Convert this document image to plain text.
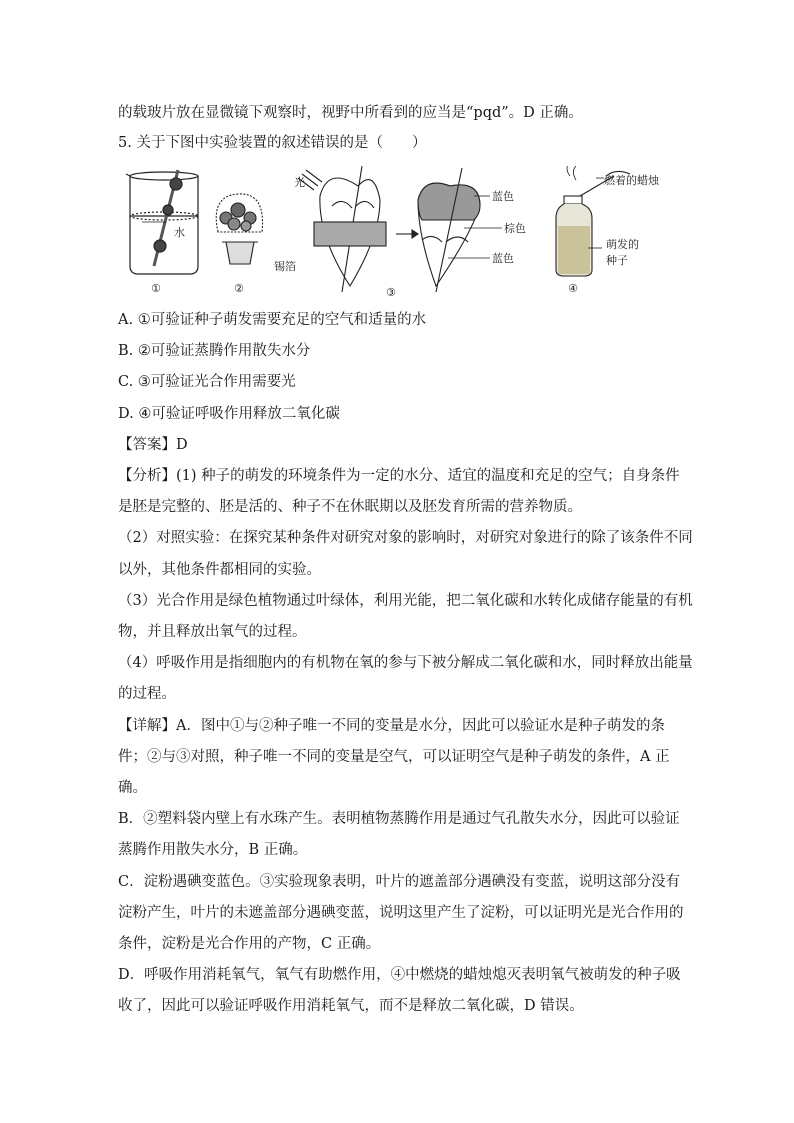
的载玻片放在显微镜下观察时，视野中所看到的应当是“pqd”。D 正确。
5. 关于下图中实验装置的叙述错误的是（　　）
水
①	②
光
锡箔
蓝色
棕色
蓝色
③
燃着的蜡烛
萌发的
种子
④
A. ①可验证种子萌发需要充足的空气和适量的水
B. ②可验证蒸腾作用散失水分
C. ③可验证光合作用需要光
D. ④可验证呼吸作用释放二氧化碳
【答案】D
【分析】(1) 种子的萌发的环境条件为一定的水分、适宜的温度和充足的空气；自身条件
是胚是完整的、胚是活的、种子不在休眠期以及胚发育所需的营养物质。
（2）对照实验：在探究某种条件对研究对象的影响时，对研究对象进行的除了该条件不同
以外，其他条件都相同的实验。
（3）光合作用是绿色植物通过叶绿体，利用光能，把二氧化碳和水转化成储存能量的有机
物，并且释放出氧气的过程。
（4）呼吸作用是指细胞内的有机物在氧的参与下被分解成二氧化碳和水，同时释放出能量
的过程。
【详解】A．图中①与②种子唯一不同的变量是水分，因此可以验证水是种子萌发的条
件；②与③对照，种子唯一不同的变量是空气，可以证明空气是种子萌发的条件，A 正
确。
B．②塑料袋内壁上有水珠产生。表明植物蒸腾作用是通过气孔散失水分，因此可以验证
蒸腾作用散失水分，B 正确。
C．淀粉遇碘变蓝色。③实验现象表明，叶片的遮盖部分遇碘没有变蓝，说明这部分没有
淀粉产生，叶片的未遮盖部分遇碘变蓝，说明这里产生了淀粉，可以证明光是光合作用的
条件，淀粉是光合作用的产物，C 正确。
D．呼吸作用消耗氧气，氧气有助燃作用，④中燃烧的蜡烛熄灭表明氧气被萌发的种子吸
收了，因此可以验证呼吸作用消耗氧气，而不是释放二氧化碳，D 错误。
